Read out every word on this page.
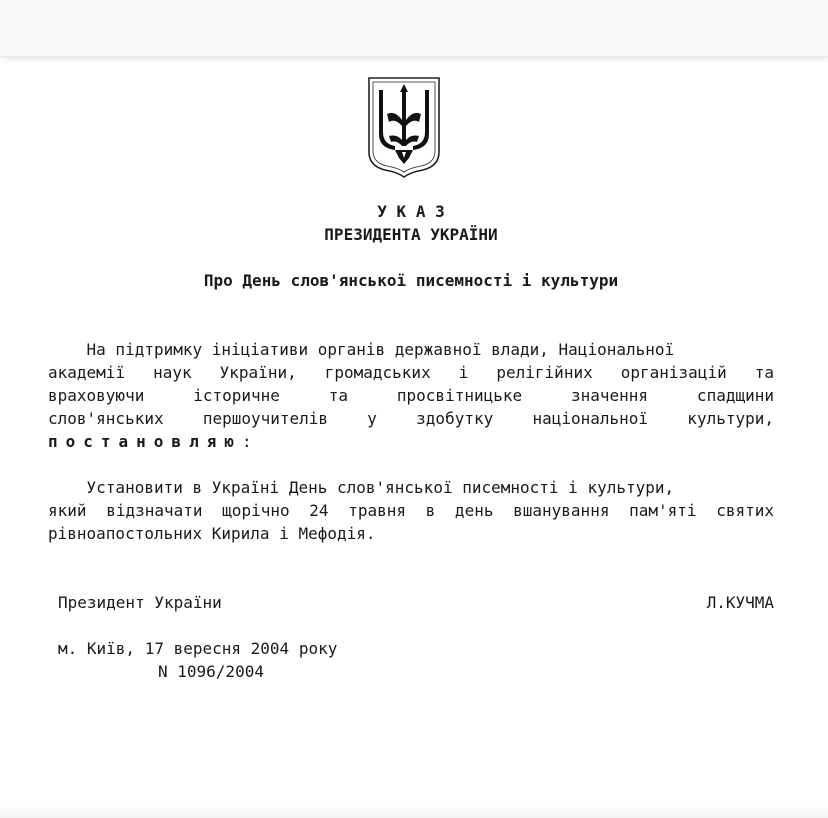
У К А З
ПРЕЗИДЕНТА УКРАЇНИ
Про День слов'янської писемності і культури
На підтримку ініціативи органів державної влади, Національної
академії наук України, громадських і релігійних організацій та
враховуючи історичне та просвітницьке значення спадщини
слов'янських першоучителів у здобутку національної культури,
постановляю:
Установити в Україні День слов'янської писемності і культури,
який відзначати щорічно 24 травня в день вшанування пам'яті святих
рівноапостольних Кирила і Мефодія.
Президент України	Л.КУЧМА
м. Київ, 17 вересня 2004 року
N 1096/2004
